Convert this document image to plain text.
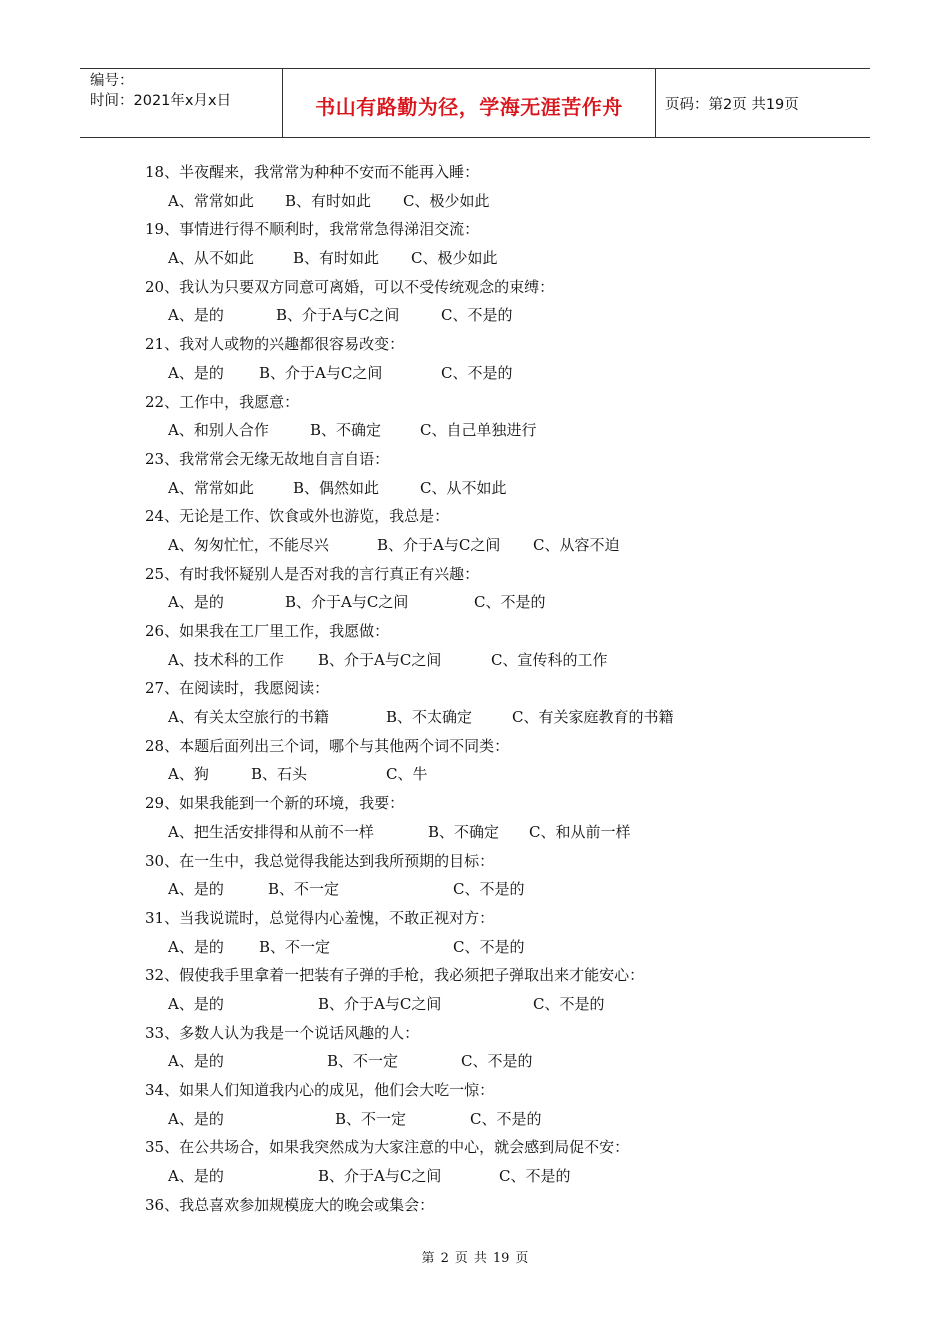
编号：
时间：2021年x月x日	书山有路勤为径，学海无涯苦作舟	页码：第2页 共19页
18、半夜醒来，我常常为种种不安而不能再入睡：
A、常常如此 B、有时如此 C、极少如此
19、事情进行得不顺利时，我常常急得涕泪交流：
A、从不如此	B、有时如此 C、极少如此
20、我认为只要双方同意可离婚，可以不受传统观念的束缚：
A、是的	B、介于A与C之间	C、不是的
21、我对人或物的兴趣都很容易改变：
A、是的 B、介于A与C之间	C、不是的
22、工作中，我愿意：
A、和别人合作	B、不确定	C、自己单独进行
23、我常常会无缘无故地自言自语：
A、常常如此	B、偶然如此	C、从不如此
24、无论是工作、饮食或外也游览，我总是：
A、匆匆忙忙，不能尽兴	B、介于A与C之间 C、从容不迫
25、有时我怀疑别人是否对我的言行真正有兴趣：
A、是的	B、介于A与C之间	C、不是的
26、如果我在工厂里工作，我愿做：
A、技术科的工作 B、介于A与C之间	C、宣传科的工作
27、在阅读时，我愿阅读：
A、有关太空旅行的书籍	B、不太确定	C、有关家庭教育的书籍
28、本题后面列出三个词，哪个与其他两个词不同类：
A、狗	B、石头	C、牛
29、如果我能到一个新的环境，我要：
A、把生活安排得和从前不一样	B、不确定 C、和从前一样
30、在一生中，我总觉得我能达到我所预期的目标：
A、是的	B、不一定	C、不是的
31、当我说谎时，总觉得内心羞愧，不敢正视对方：
A、是的 B、不一定	C、不是的
32、假使我手里拿着一把装有子弹的手枪，我必须把子弹取出来才能安心：
A、是的	B、介于A与C之间	C、不是的
33、多数人认为我是一个说话风趣的人：
A、是的	B、不一定	C、不是的
34、如果人们知道我内心的成见，他们会大吃一惊：
A、是的	B、不一定	C、不是的
35、在公共场合，如果我突然成为大家注意的中心，就会感到局促不安：
A、是的	B、介于A与C之间	C、不是的
36、我总喜欢参加规模庞大的晚会或集会：
第 2 页 共 19 页
